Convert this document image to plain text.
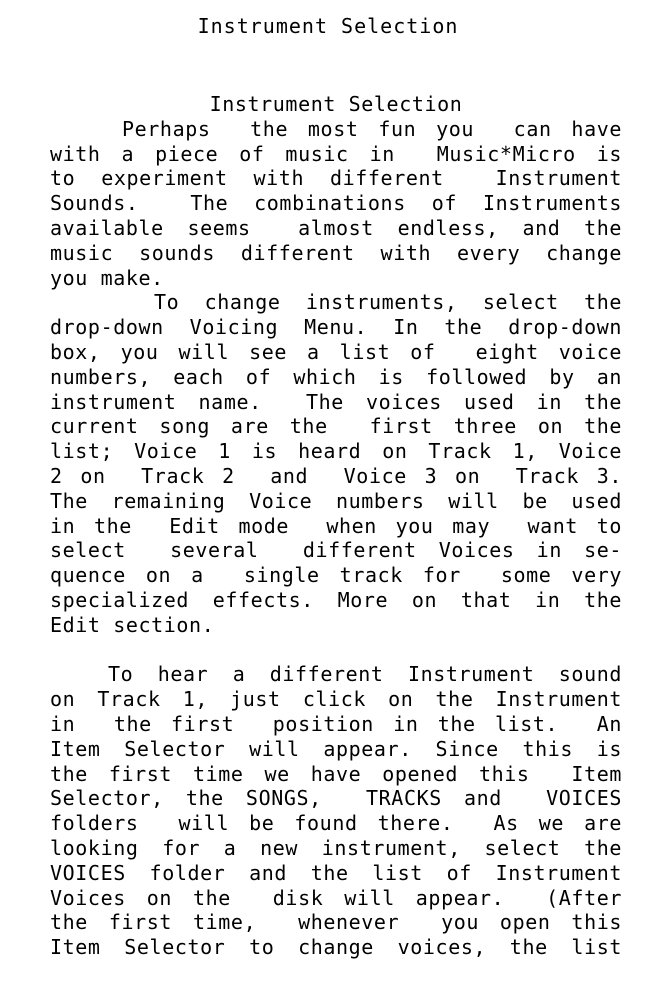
Instrument Selection
Instrument Selection
Perhaps  the most fun you  can have
with a piece of music in  Music*Micro is
to experiment with different  Instrument
Sounds.  The combinations of Instruments
available seems  almost endless, and the
music sounds different with every change
you make.
To change instruments, select the
drop-down Voicing Menu. In the drop-down
box, you will see a list of  eight voice
numbers, each of which is followed by an
instrument name.  The voices used in the
current song are the  first three on the
list; Voice 1 is heard on Track 1, Voice
2 on  Track 2  and  Voice 3 on  Track 3.
The remaining Voice numbers will be used
in the  Edit mode  when you may  want to
select  several  different Voices in se-
quence on a  single track for  some very
specialized effects. More on that in the
Edit section.
To hear a different Instrument sound
on Track 1, just click on the Instrument
in  the first  position in the list.  An
Item Selector will appear. Since this is
the first time we have opened this  Item
Selector, the SONGS,  TRACKS and  VOICES
folders  will be found there.  As we are
looking for a new instrument, select the
VOICES folder and the list of Instrument
Voices on the  disk will appear.  (After
the first time,  whenever  you open this
Item Selector to change voices, the list
